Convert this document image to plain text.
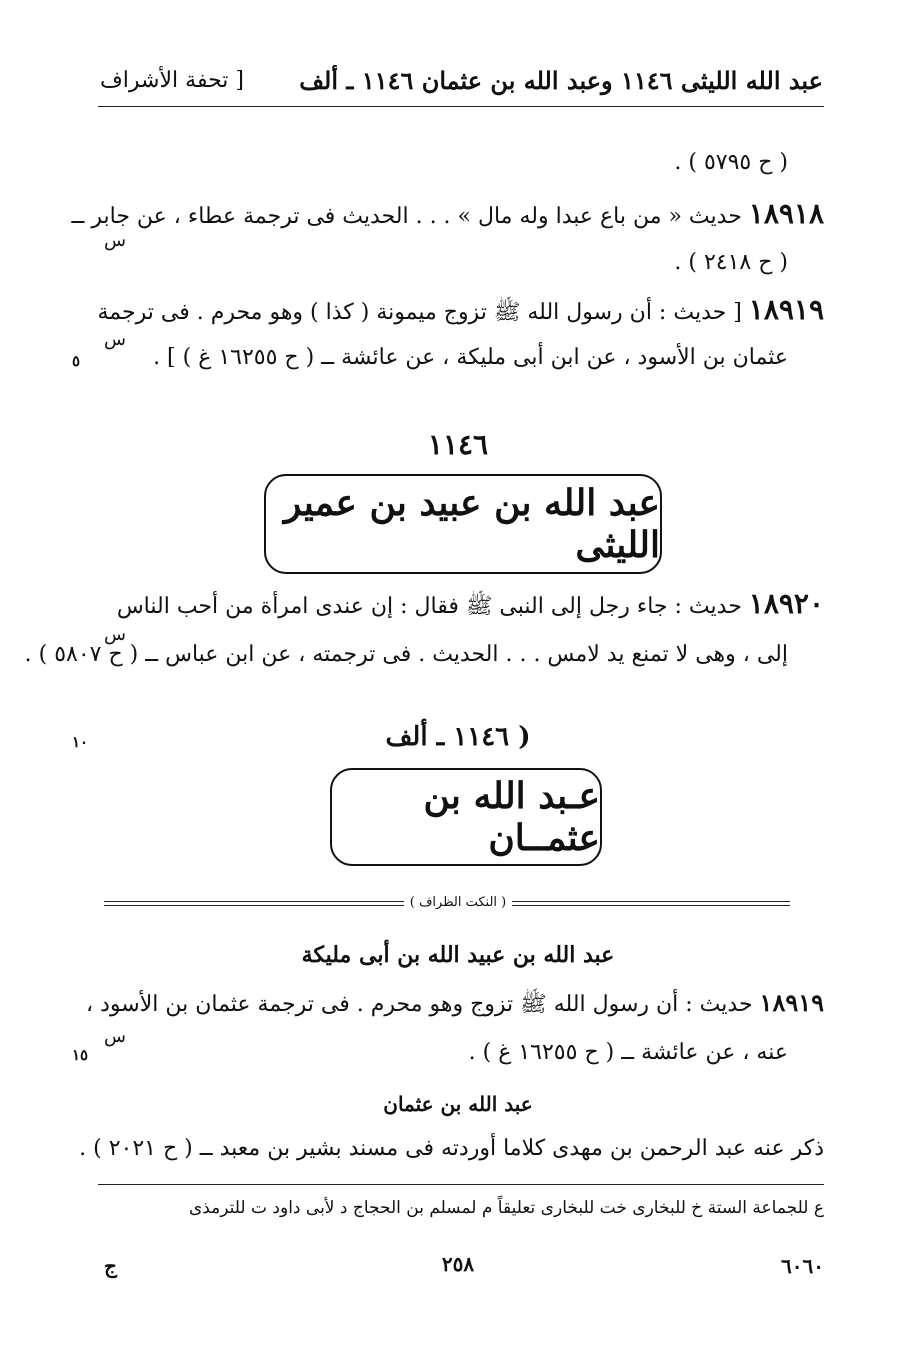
[ تحفة الأشراف عبد الله الليثى ١١٤٦ وعبد الله بن عثمان ١١٤٦ ـ ألف
( ح ٥٧٩٥ ) .
١٨٩١٨ حديث « من باع عبدا وله مال » . . . الحديث فى ترجمة عطاء ، عن جابر ــ
س
( ح ٢٤١٨ ) .
١٨٩١٩ [ حديث : أن رسول الله ﷺ تزوج ميمونة ( كذا ) وهو محرم . فى ترجمة
س
عثمان بن الأسود ، عن ابن أبى مليكة ، عن عائشة ــ ( ح ١٦٢٥٥ غ ) ] .
٥
١١٤٦
عبد الله بن عبيد بن عمير الليثى
١٨٩٢٠ حديث : جاء رجل إلى النبى ﷺ فقال : إن عندى امرأة من أحب الناس
س
إلى ، وهى لا تمنع يد لامس . . . الحديث . فى ترجمته ، عن ابن عباس ــ ( ح ٥٨٠٧ ) .
١٠	( ١١٤٦ ـ ألف
عـبد الله بن عثمــان
( النكت الظراف )
عبد الله بن عبيد الله بن أبى مليكة
١٨٩١٩ حديث : أن رسول الله ﷺ تزوج وهو محرم . فى ترجمة عثمان بن الأسود ،
س
عنه ، عن عائشة ــ ( ح ١٦٢٥٥ غ ) .
١٥
عبد الله بن عثمان
ذكر عنه عبد الرحمن بن مهدى كلاما أوردته فى مسند بشير بن معبد ــ ( ح ٢٠٢١ ) .
ع للجماعة الستة خ للبخارى خت للبخارى تعليقاً م لمسلم بن الحجاج د لأبى داود ت للترمذى
ج	٢٥٨	٦٠٦٠
